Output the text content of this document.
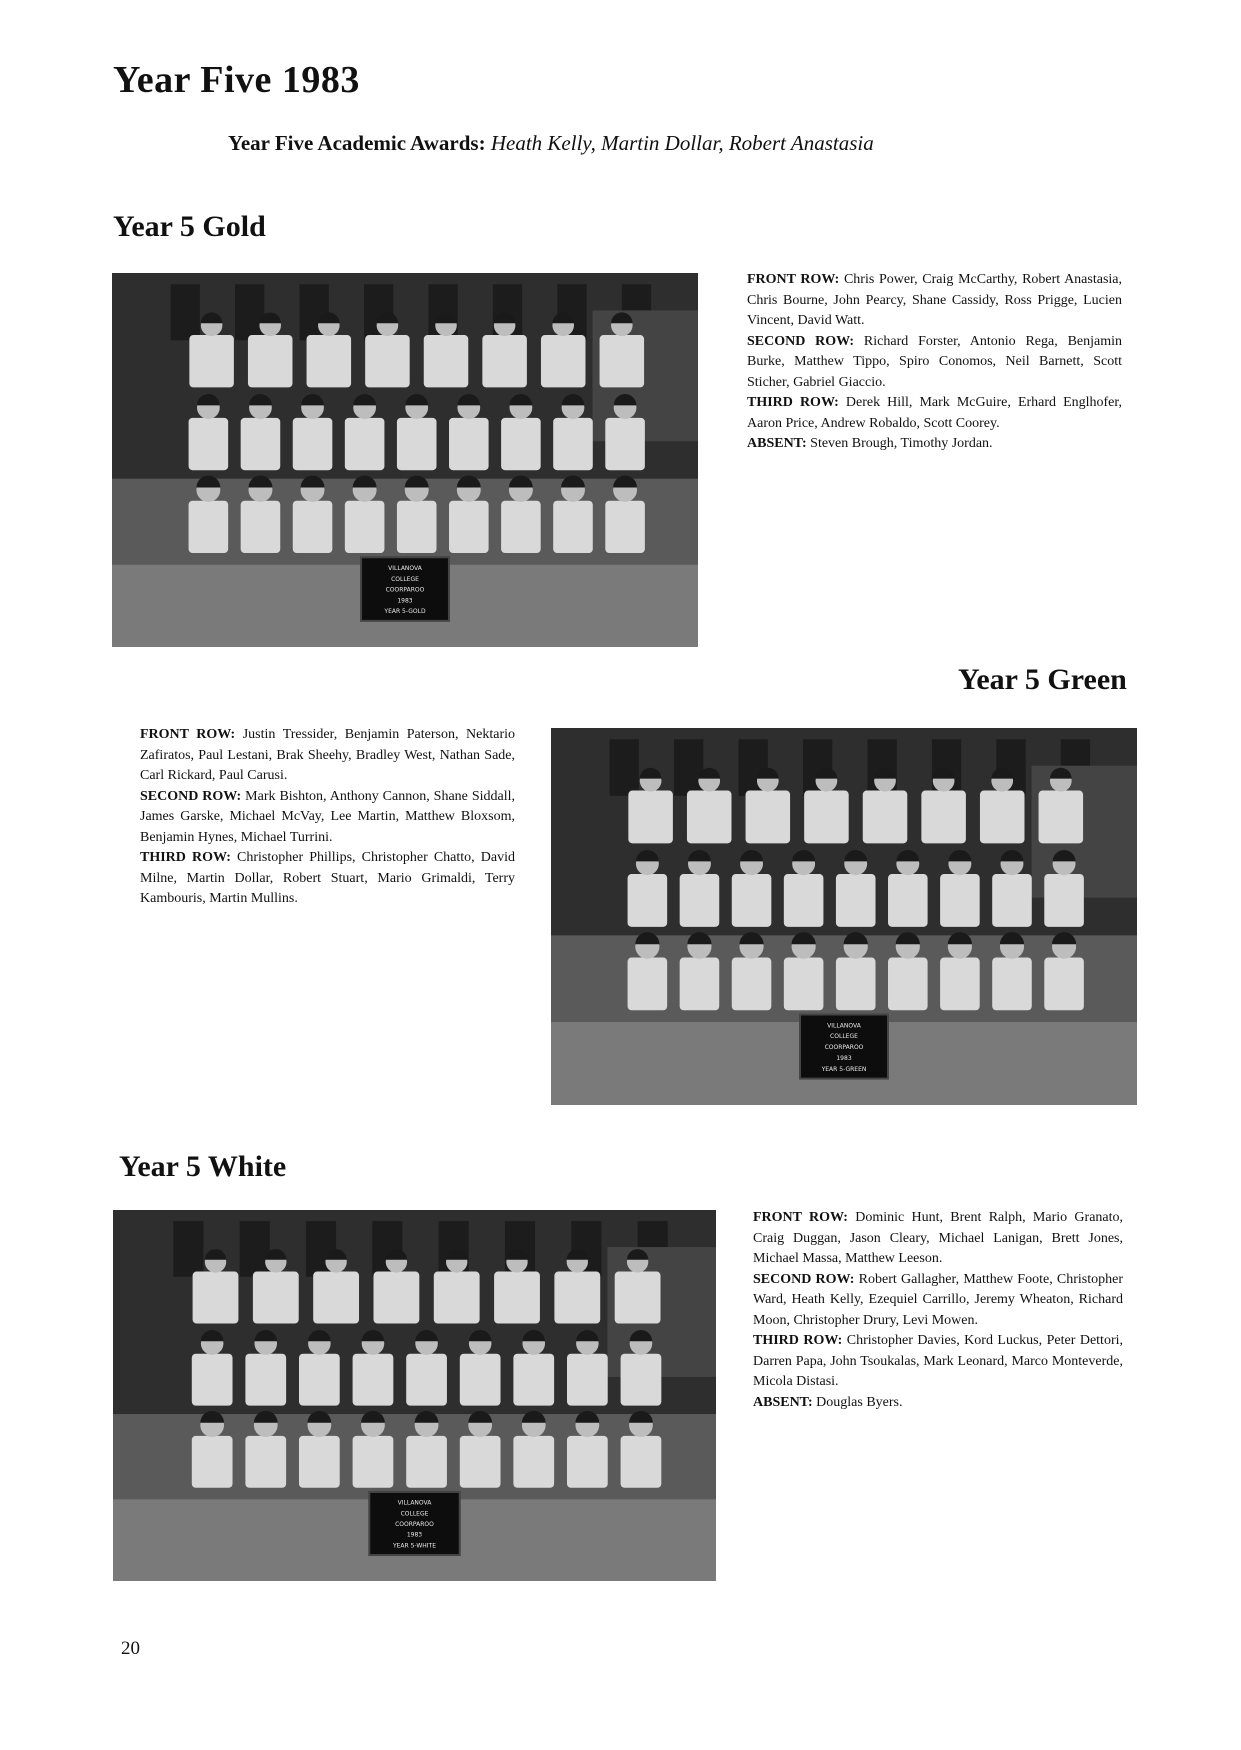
Year Five 1983
Year Five Academic Awards: Heath Kelly, Martin Dollar, Robert Anastasia
Year 5 Gold
VILLANOVA
COLLEGE
COORPAROO
1983
YEAR 5-GOLD

FRONT ROW: Chris Power, Craig McCarthy, Robert Anastasia, Chris Bourne, John Pearcy, Shane Cassidy, Ross Prigge, Lucien Vincent, David Watt.

SECOND ROW: Richard Forster, Antonio Rega, Benjamin Burke, Matthew Tippo, Spiro Conomos, Neil Barnett, Scott Sticher, Gabriel Giaccio.

THIRD ROW: Derek Hill, Mark McGuire, Erhard Englhofer, Aaron Price, Andrew Robaldo, Scott Coorey.

ABSENT: Steven Brough, Timothy Jordan.

Year 5 Green

FRONT ROW: Justin Tressider, Benjamin Paterson, Nektario Zafiratos, Paul Lestani, Brak Sheehy, Bradley West, Nathan Sade, Carl Rickard, Paul Carusi.

SECOND ROW: Mark Bishton, Anthony Cannon, Shane Siddall, James Garske, Michael McVay, Lee Martin, Matthew Bloxsom, Benjamin Hynes, Michael Turrini.

THIRD ROW: Christopher Phillips, Christopher Chatto, David Milne, Martin Dollar, Robert Stuart, Mario Grimaldi, Terry Kambouris, Martin Mullins.

VILLANOVA
COLLEGE
COORPAROO
1983
YEAR 5-GREEN
Year 5 White
VILLANOVA
COLLEGE
COORPAROO
1983
YEAR 5-WHITE

FRONT ROW: Dominic Hunt, Brent Ralph, Mario Granato, Craig Duggan, Jason Cleary, Michael Lanigan, Brett Jones, Michael Massa, Matthew Leeson.

SECOND ROW: Robert Gallagher, Matthew Foote, Christopher Ward, Heath Kelly, Ezequiel Carrillo, Jeremy Wheaton, Richard Moon, Christopher Drury, Levi Mowen.

THIRD ROW: Christopher Davies, Kord Luckus, Peter Dettori, Darren Papa, John Tsoukalas, Mark Leonard, Marco Monteverde, Micola Distasi.

ABSENT: Douglas Byers.

20
